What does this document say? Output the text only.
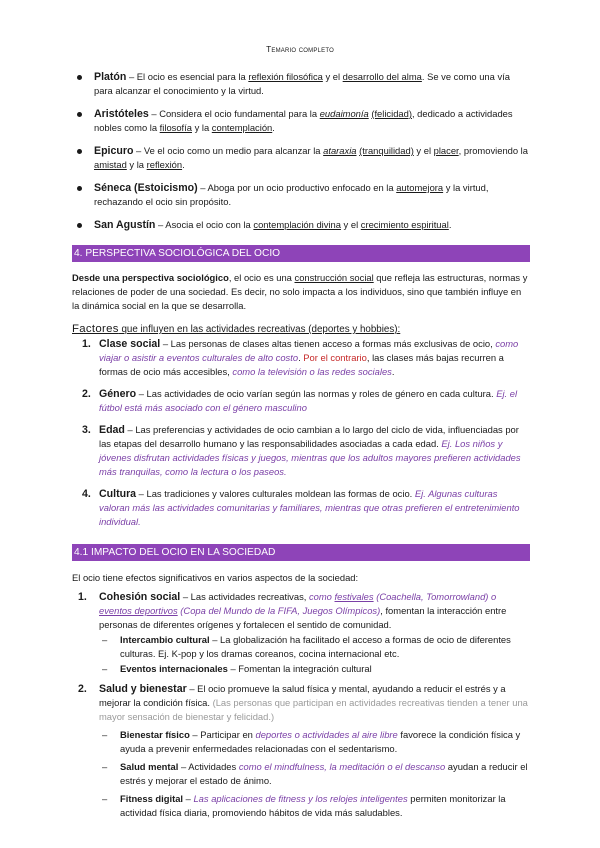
Temario completo
Platón – El ocio es esencial para la reflexión filosófica y el desarrollo del alma. Se ve como una vía para alcanzar el conocimiento y la virtud.
Aristóteles – Considera el ocio fundamental para la eudaimonía (felicidad), dedicado a actividades nobles como la filosofía y la contemplación.
Epicuro – Ve el ocio como un medio para alcanzar la ataraxia (tranquilidad) y el placer, promoviendo la amistad y la reflexión.
Séneca (Estoicismo) – Aboga por un ocio productivo enfocado en la automejora y la virtud, rechazando el ocio sin propósito.
San Agustín – Asocia el ocio con la contemplación divina y el crecimiento espiritual.
4. PERSPECTIVA SOCIOLÓGICA DEL OCIO
Desde una perspectiva sociológico, el ocio es una construcción social que refleja las estructuras, normas y relaciones de poder de una sociedad. Es decir, no solo impacta a los individuos, sino que también influye en la dinámica social en la que se desarrolla.
Factores que influyen en las actividades recreativas (deportes y hobbies):
1. Clase social – Las personas de clases altas tienen acceso a formas más exclusivas de ocio, como viajar o asistir a eventos culturales de alto costo. Por el contrario, las clases más bajas recurren a formas de ocio más accesibles, como la televisión o las redes sociales.
2. Género – Las actividades de ocio varían según las normas y roles de género en cada cultura. Ej. el fútbol está más asociado con el género masculino
3. Edad – Las preferencias y actividades de ocio cambian a lo largo del ciclo de vida, influenciadas por las etapas del desarrollo humano y las responsabilidades asociadas a cada edad. Ej. Los niños y jóvenes disfrutan actividades físicas y juegos, mientras que los adultos mayores prefieren actividades más tranquilas, como la lectura o los paseos.
4. Cultura – Las tradiciones y valores culturales moldean las formas de ocio. Ej. Algunas culturas valoran más las actividades comunitarias y familiares, mientras que otras prefieren el entretenimiento individual.
4.1 IMPACTO DEL OCIO EN LA SOCIEDAD
El ocio tiene efectos significativos en varios aspectos de la sociedad:
1. Cohesión social – Las actividades recreativas, como festivales (Coachella, Tomorrowland) o eventos deportivos (Copa del Mundo de la FIFA, Juegos Olímpicos), fomentan la interacción entre personas de diferentes orígenes y fortalecen el sentido de comunidad.
– Intercambio cultural – La globalización ha facilitado el acceso a formas de ocio de diferentes culturas. Ej. K-pop y los dramas coreanos, cocina internacional etc.
– Eventos internacionales – Fomentan la integración cultural
2. Salud y bienestar – El ocio promueve la salud física y mental, ayudando a reducir el estrés y a mejorar la condición física. (Las personas que participan en actividades recreativas tienden a tener una mayor sensación de bienestar y felicidad.)
– Bienestar físico – Participar en deportes o actividades al aire libre favorece la condición física y ayuda a prevenir enfermedades relacionadas con el sedentarismo.
– Salud mental – Actividades como el mindfulness, la meditación o el descanso ayudan a reducir el estrés y mejorar el estado de ánimo.
– Fitness digital – Las aplicaciones de fitness y los relojes inteligentes permiten monitorizar la actividad física diaria, promoviendo hábitos de vida más saludables.
